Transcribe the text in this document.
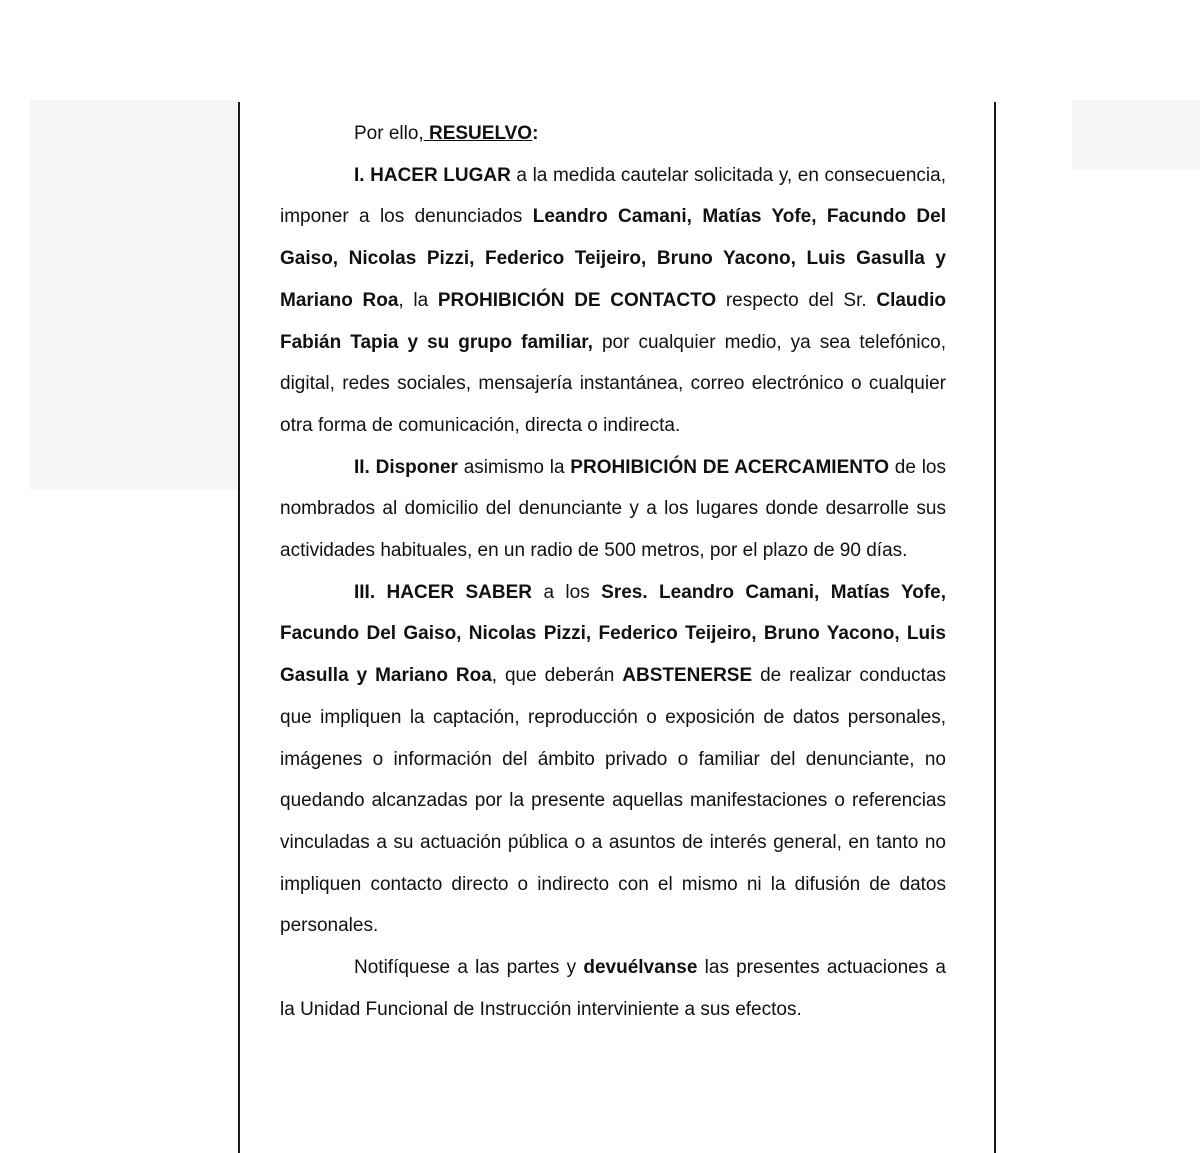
Por ello, RESUELVO:

I. HACER LUGAR a la medida cautelar solicitada y, en consecuencia, imponer a los denunciados Leandro Camani, Matías Yofe, Facundo Del Gaiso, Nicolas Pizzi, Federico Teijeiro, Bruno Yacono, Luis Gasulla y Mariano Roa, la PROHIBICIÓN DE CONTACTO respecto del Sr. Claudio Fabián Tapia y su grupo familiar, por cualquier medio, ya sea telefónico, digital, redes sociales, mensajería instantánea, correo electrónico o cualquier otra forma de comunicación, directa o indirecta.

II. Disponer asimismo la PROHIBICIÓN DE ACERCAMIENTO de los nombrados al domicilio del denunciante y a los lugares donde desarrolle sus actividades habituales, en un radio de 500 metros, por el plazo de 90 días.

III. HACER SABER a los Sres. Leandro Camani, Matías Yofe, Facundo Del Gaiso, Nicolas Pizzi, Federico Teijeiro, Bruno Yacono, Luis Gasulla y Mariano Roa, que deberán ABSTENERSE de realizar conductas que impliquen la captación, reproducción o exposición de datos personales, imágenes o información del ámbito privado o familiar del denunciante, no quedando alcanzadas por la presente aquellas manifestaciones o referencias vinculadas a su actuación pública o a asuntos de interés general, en tanto no impliquen contacto directo o indirecto con el mismo ni la difusión de datos personales.

Notifíquese a las partes y devuélvanse las presentes actuaciones a la Unidad Funcional de Instrucción interviniente a sus efectos.
